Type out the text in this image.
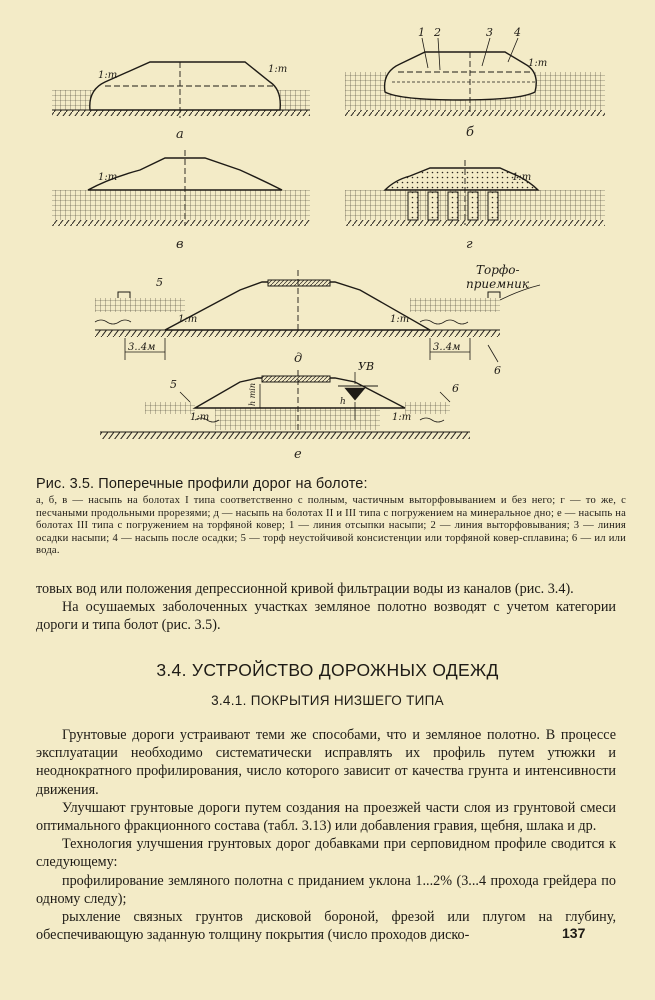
а	б
в	г
д
е
1:m
1:m
1:m
1:m	1:m
1:m	1:m
1:m	1:m
1 2	3 4
5
6
5	6
Торфо-
приемник
3..4м	3..4м
УВ
h
h min

Рис. 3.5. Поперечные профили дорог на болоте:

а, б, в — насыпь на болотах I типа соответственно с полным, частичным выторфовыванием и без него; г — то же, с песчаными продольными прорезями; д — насыпь на болотах II и III типа с погружением на минеральное дно; е — насыпь на болотах III типа с погружением на торфяной ковер; 1 — линия отсыпки насыпи; 2 — линия выторфовывания; 3 — линия осадки насыпи; 4 — насыпь после осадки; 5 — торф неустойчивой консистенции или торфяной ковер-сплавина; 6 — ил или вода.

товых вод или положения депрессионной кривой фильтрации воды из каналов (рис. 3.4).

На осушаемых заболоченных участках земляное полотно возводят с учетом категории дороги и типа болот (рис. 3.5).

3.4. УСТРОЙСТВО ДОРОЖНЫХ ОДЕЖД
3.4.1. ПОКРЫТИЯ НИЗШЕГО ТИПА

Грунтовые дороги устраивают теми же способами, что и земляное полотно. В процессе эксплуатации необходимо систематически исправлять их профиль путем утюжки и неоднократного профилирования, число которого зависит от качества грунта и интенсивности движения.

Улучшают грунтовые дороги путем создания на проезжей части слоя из грунтовой смеси оптимального фракционного состава (табл. 3.13) или добавления гравия, щебня, шлака и др.

Технология улучшения грунтовых дорог добавками при серповидном профиле сводится к следующему:

профилирование земляного полотна с приданием уклона 1...2% (3...4 прохода грейдера по одному следу);

рыхление связных грунтов дисковой бороной, фрезой или плугом на глубину, обеспечивающую заданную толщину покрытия (число проходов диско-	137
